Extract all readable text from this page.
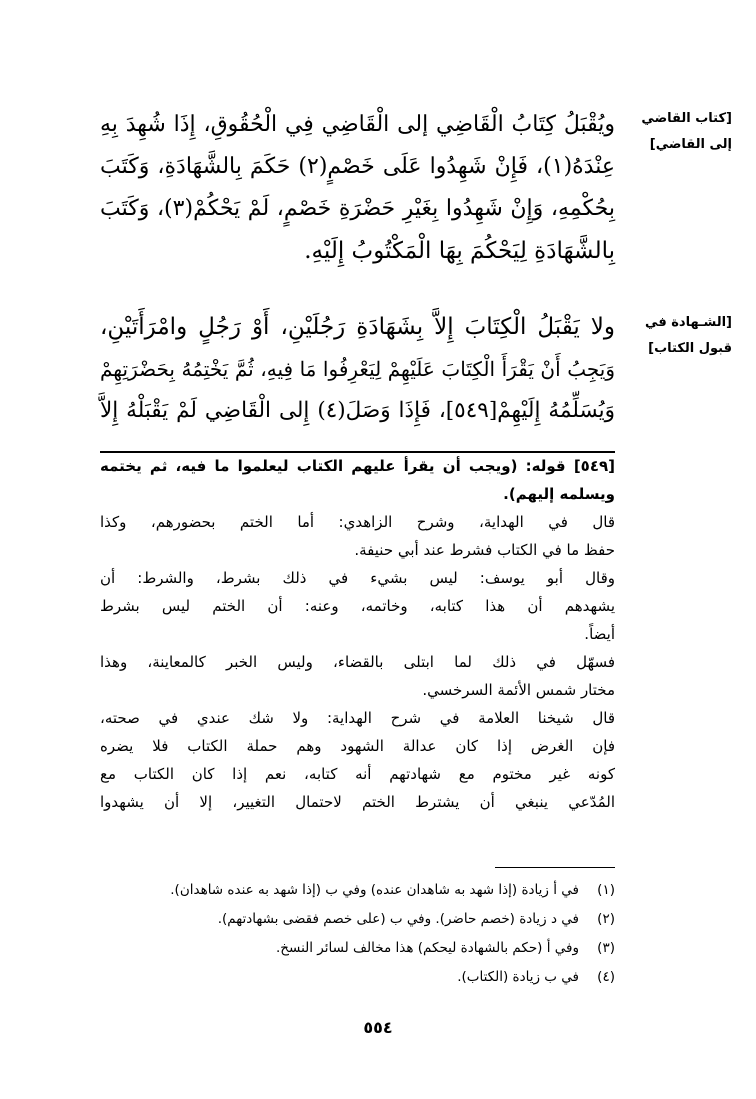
[كتاب القاضي
إلى القاضي]
[الشـهادة في
قبول الكتاب]
ويُقْبَلُ كِتَابُ الْقَاضِي إلى الْقَاضِي فِي الْحُقُوقِ، إِذَا شُهِدَ بِهِ
عِنْدَهُ(١)، فَإِنْ شَهِدُوا عَلَى خَصْمٍ(٢) حَكَمَ بِالشَّهَادَةِ، وَكَتَبَ
بِحُكْمِهِ، وَإِنْ شَهِدُوا بِغَيْرِ حَضْرَةِ خَصْمٍ، لَمْ يَحْكُمْ(٣)، وَكَتَبَ
بِالشَّهَادَةِ لِيَحْكُمَ بِهَا الْمَكْتُوبُ إِلَيْهِ.
ولا يَقْبَلُ الْكِتَابَ إِلاَّ بِشَهَادَةِ رَجُلَيْنِ، أَوْ رَجُلٍ وامْرَأَتَيْنِ،
وَيَجِبُ أَنْ يَقْرَأَ الْكِتَابَ عَلَيْهِمْ لِيَعْرِفُوا مَا فِيهِ، ثُمَّ يَخْتِمُهُ بِحَضْرَتِهِمْ
وَيُسَلِّمُهُ إِلَيْهِمْ[٥٤٩]، فَإِذَا وَصَلَ(٤) إِلى الْقَاضِي لَمْ يَقْبَلْهُ إِلاَّ
[٥٤٩] قوله: (ويجب أن يقرأ عليهم الكتاب ليعلموا ما فيه، ثم يختمه
ويسلمه إليهم).
قال في الهداية، وشرح الزاهدي: أما الختم بحضورهم، وكذا
حفظ ما في الكتاب فشرط عند أبي حنيفة.
وقال أبو يوسف: ليس بشيء في ذلك بشرط، والشرط: أن
يشهدهم أن هذا كتابه، وخاتمه، وعنه: أن الختم ليس بشرط
أيضاً.
فسهّل في ذلك لما ابتلى بالقضاء، وليس الخبر كالمعاينة، وهذا
مختار شمس الأئمة السرخسي.
قال شيخنا العلامة في شرح الهداية: ولا شك عندي في صحته،
فإن الغرض إذا كان عدالة الشهود وهم حملة الكتاب فلا يضره
كونه غير مختوم مع شهادتهم أنه كتابه، نعم إذا كان الكتاب مع
المُدّعي ينبغي أن يشترط الختم لاحتمال التغيير، إلا أن يشهدوا
(١)في أ زيادة (إذا شهد به شاهدان عنده) وفي ب (إذا شهد به عنده شاهدان).
(٢)في د زيادة (خصم حاضر). وفي ب (على خصم فقضى بشهادتهم).
(٣)وفي أ (حكم بالشهادة ليحكم) هذا مخالف لسائر النسخ.
(٤)في ب زيادة (الكتاب).
٥٥٤
